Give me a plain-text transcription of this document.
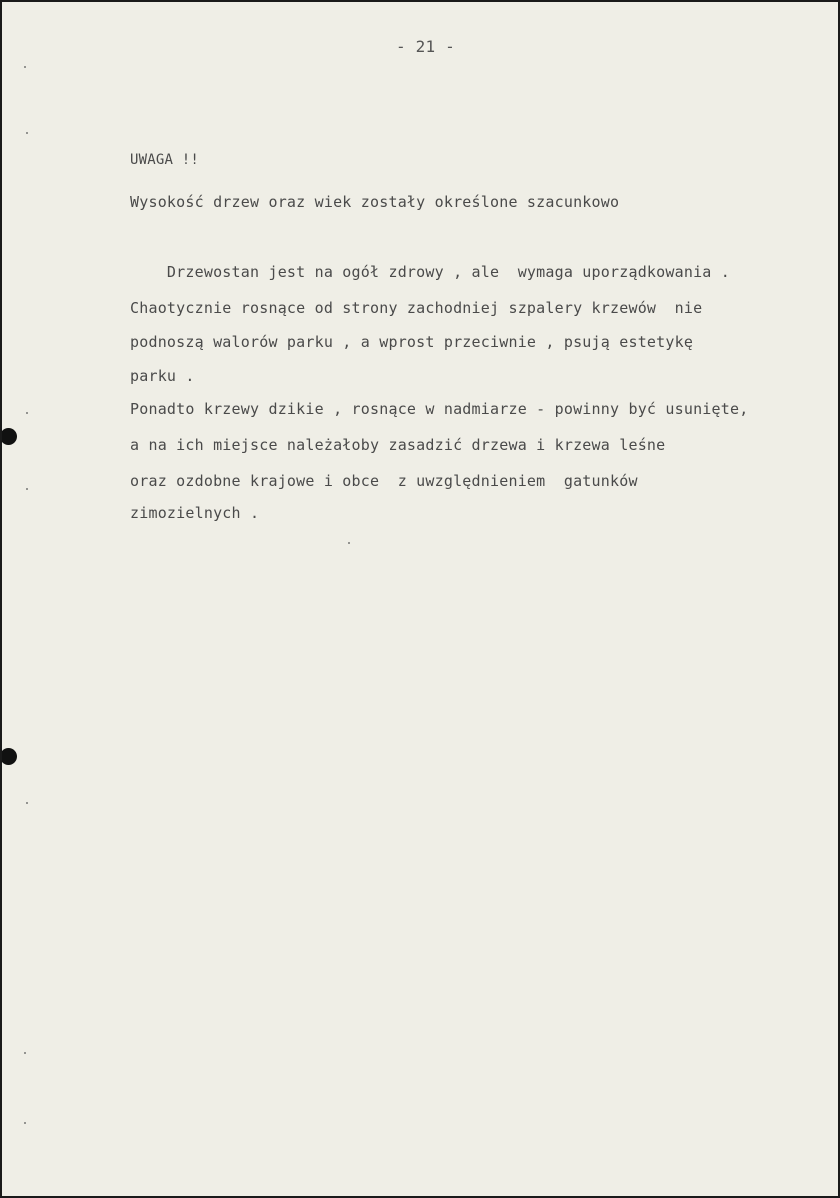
- 21 -
UWAGA !!
Wysokość drzew oraz wiek zostały określone szacunkowo
Drzewostan jest na ogół zdrowy , ale  wymaga uporządkowania .
Chaotycznie rosnące od strony zachodniej szpalery krzewów  nie
podnoszą walorów parku , a wprost przeciwnie , psują estetykę
parku .
Ponadto krzewy dzikie , rosnące w nadmiarze - powinny być usunięte,
a na ich miejsce należałoby zasadzić drzewa i krzewa leśne
oraz ozdobne krajowe i obce  z uwzględnieniem  gatunków
zimozielnych .
